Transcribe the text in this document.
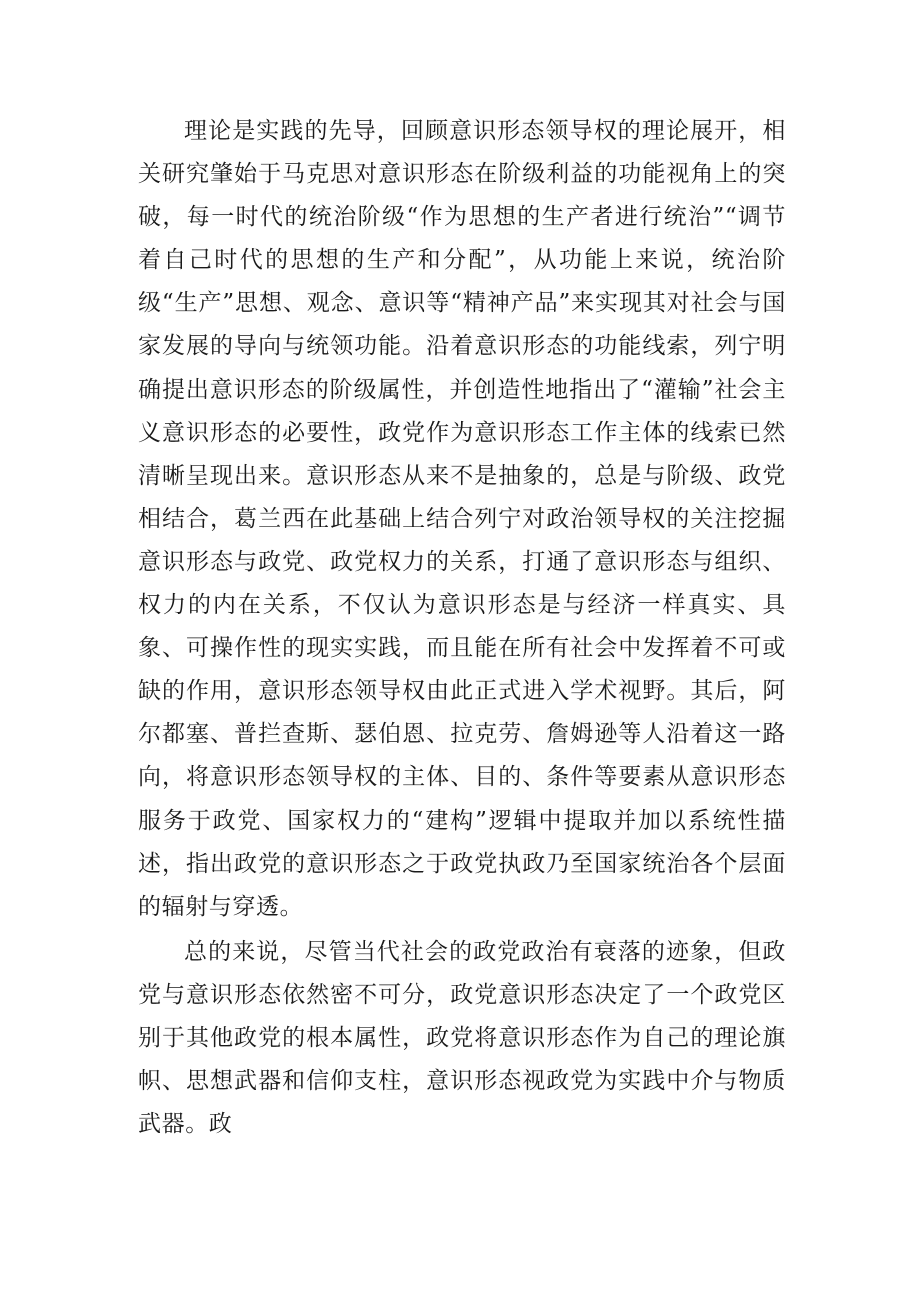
理论是实践的先导，回顾意识形态领导权的理论展开，相关研究肇始于马克思对意识形态在阶级利益的功能视角上的突破，每一时代的统治阶级“作为思想的生产者进行统治”“调节着自己时代的思想的生产和分配”，从功能上来说，统治阶级“生产”思想、观念、意识等“精神产品”来实现其对社会与国家发展的导向与统领功能。沿着意识形态的功能线索，列宁明确提出意识形态的阶级属性，并创造性地指出了“灌输”社会主义意识形态的必要性，政党作为意识形态工作主体的线索已然清晰呈现出来。意识形态从来不是抽象的，总是与阶级、政党相结合，葛兰西在此基础上结合列宁对政治领导权的关注挖掘意识形态与政党、政党权力的关系，打通了意识形态与组织、权力的内在关系，不仅认为意识形态是与经济一样真实、具象、可操作性的现实实践，而且能在所有社会中发挥着不可或缺的作用，意识形态领导权由此正式进入学术视野。其后，阿尔都塞、普拦查斯、瑟伯恩、拉克劳、詹姆逊等人沿着这一路向，将意识形态领导权的主体、目的、条件等要素从意识形态服务于政党、国家权力的“建构”逻辑中提取并加以系统性描述，指出政党的意识形态之于政党执政乃至国家统治各个层面的辐射与穿透。

总的来说，尽管当代社会的政党政治有衰落的迹象，但政党与意识形态依然密不可分，政党意识形态决定了一个政党区别于其他政党的根本属性，政党将意识形态作为自己的理论旗帜、思想武器和信仰支柱，意识形态视政党为实践中介与物质武器。政
